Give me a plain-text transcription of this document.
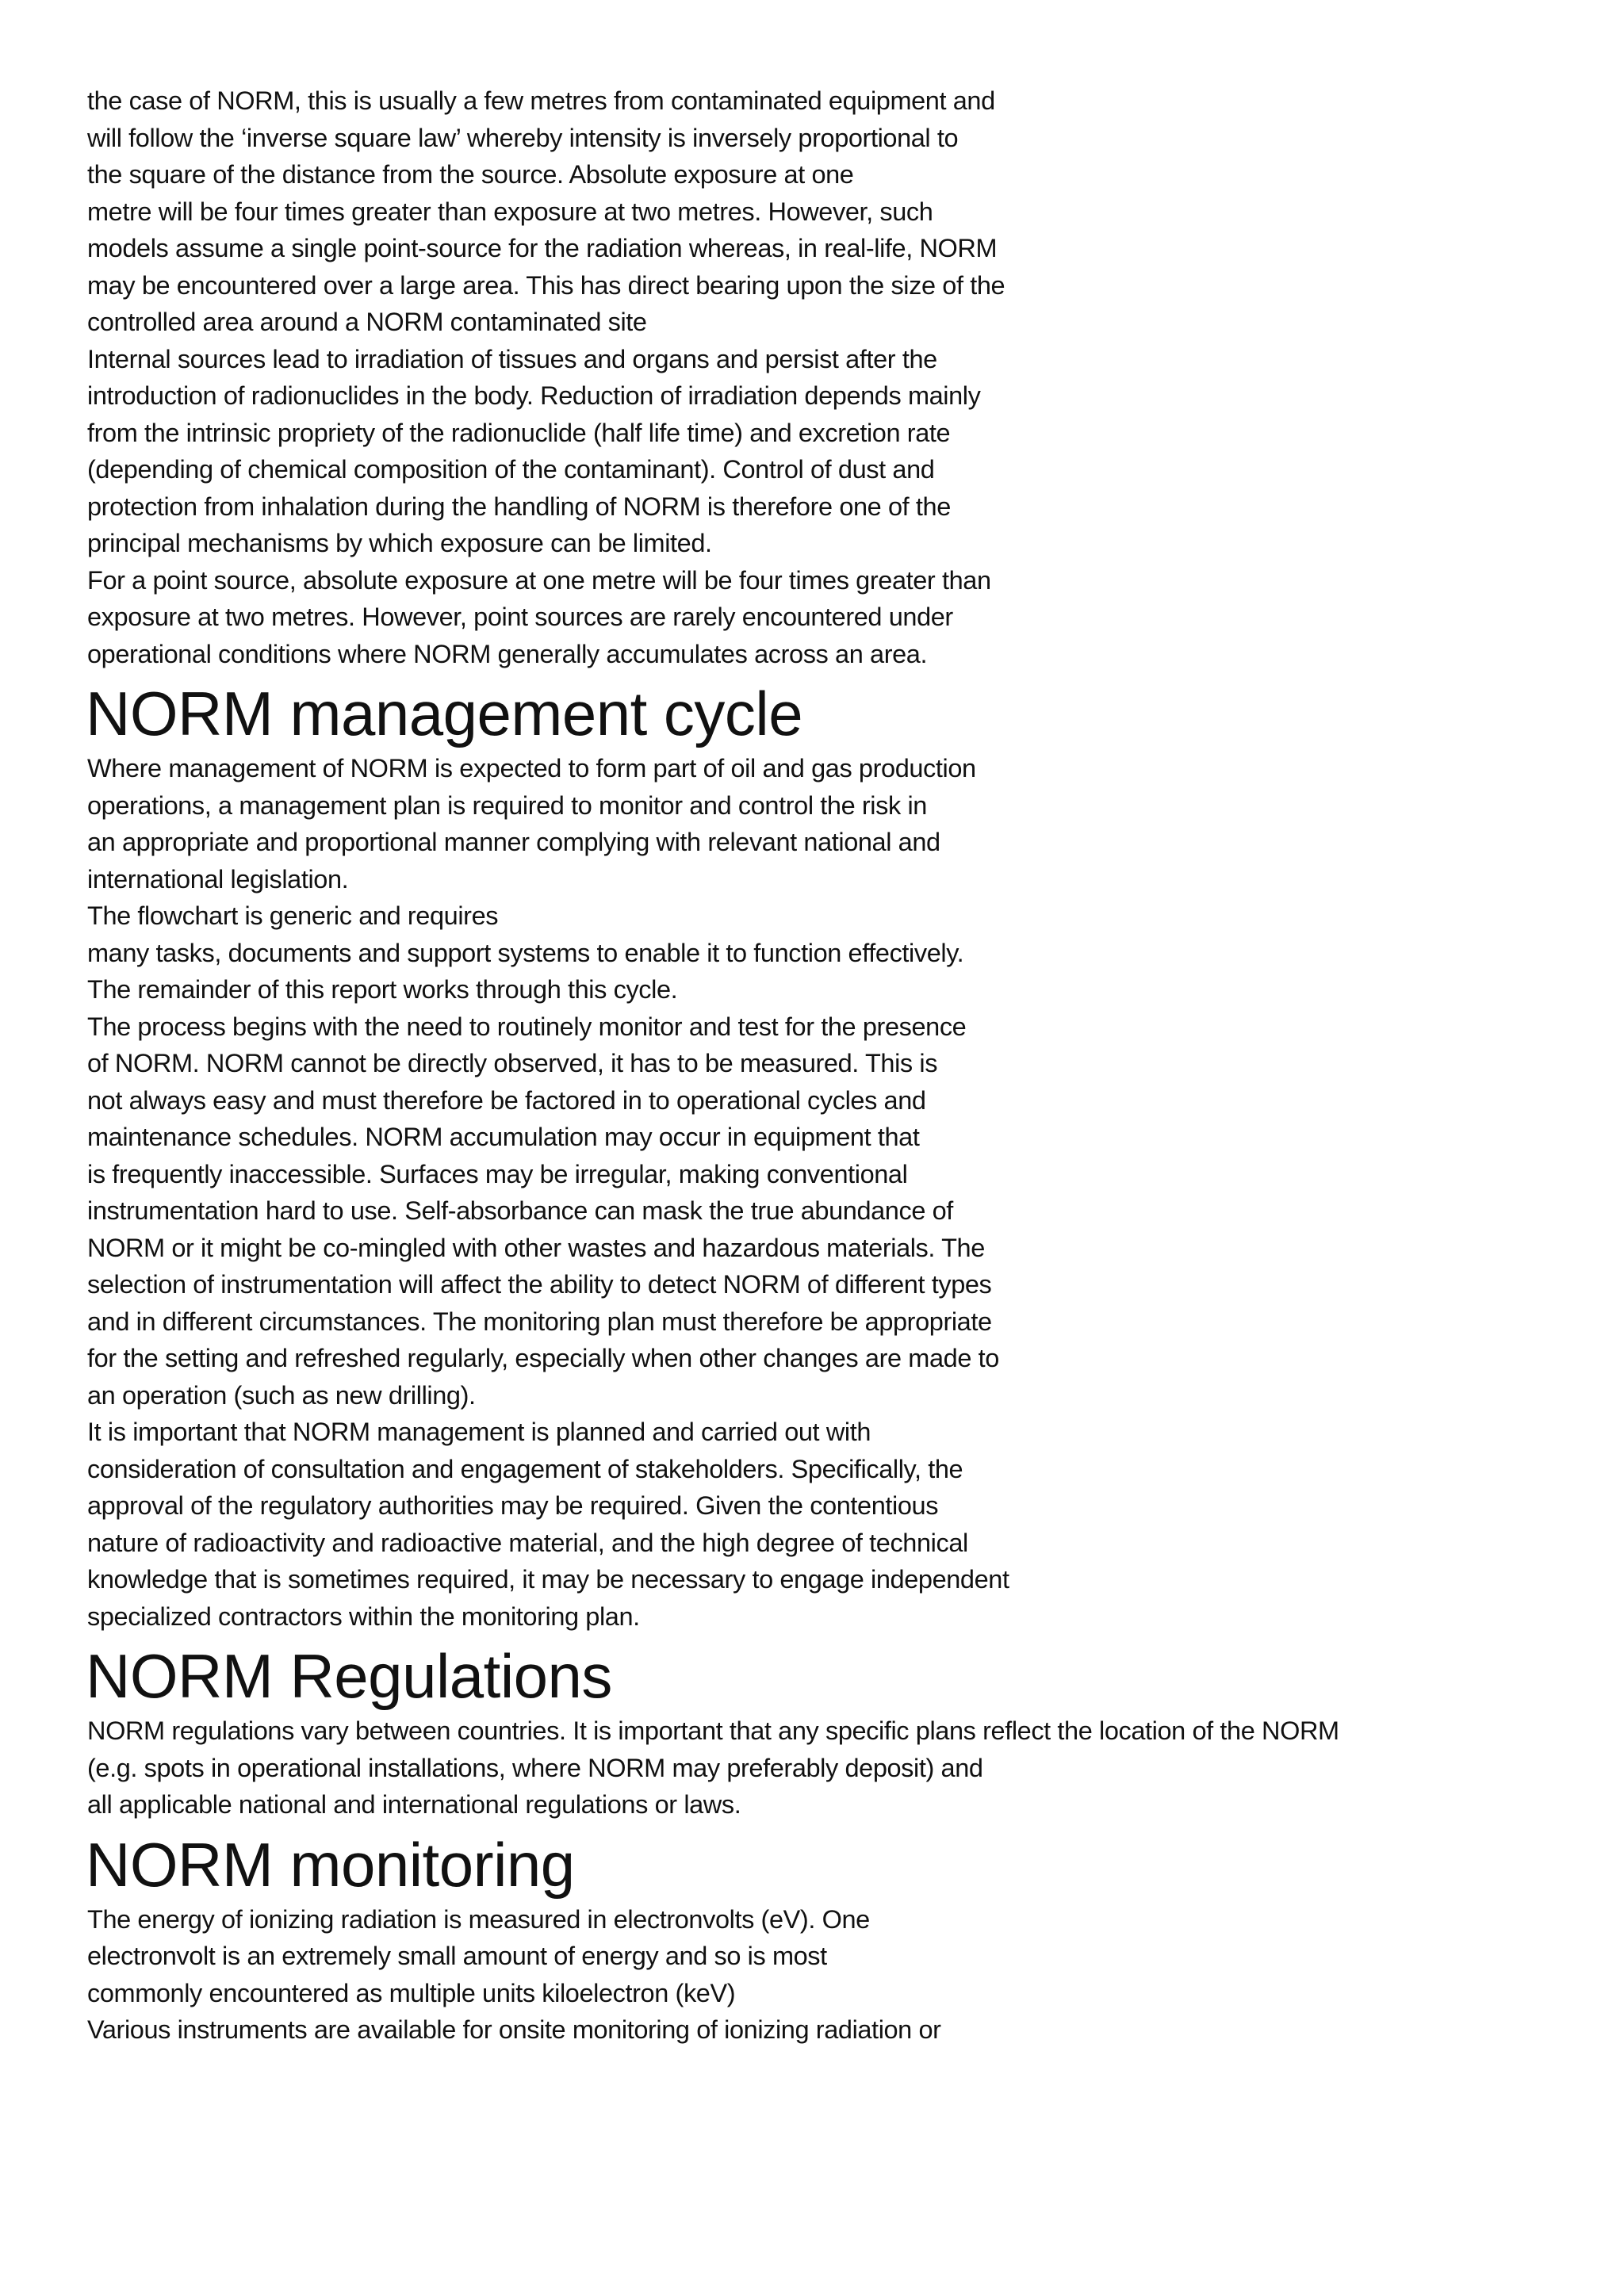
the case of NORM, this is usually a few metres from contaminated equipment and
will follow the ‘inverse square law’ whereby intensity is inversely proportional to
the square of the distance from the source. Absolute exposure at one
metre will be four times greater than exposure at two metres. However, such
models assume a single point-source for the radiation whereas, in real-life, NORM
may be encountered over a large area. This has direct bearing upon the size of the
controlled area around a NORM contaminated site
Internal sources lead to irradiation of tissues and organs and persist after the
introduction of radionuclides in the body. Reduction of irradiation depends mainly
from the intrinsic propriety of the radionuclide (half life time) and excretion rate
(depending of chemical composition of the contaminant). Control of dust and
protection from inhalation during the handling of NORM is therefore one of the
principal mechanisms by which exposure can be limited.
For a point source, absolute exposure at one metre will be four times greater than
exposure at two metres. However, point sources are rarely encountered under
operational conditions where NORM generally accumulates across an area.
NORM management cycle
Where management of NORM is expected to form part of oil and gas production
operations, a management plan is required to monitor and control the risk in
an appropriate and proportional manner complying with relevant national and
international legislation.
The flowchart is generic and requires
many tasks, documents and support systems to enable it to function effectively.
The remainder of this report works through this cycle.
The process begins with the need to routinely monitor and test for the presence
of NORM. NORM cannot be directly observed, it has to be measured. This is
not always easy and must therefore be factored in to operational cycles and
maintenance schedules. NORM accumulation may occur in equipment that
is frequently inaccessible. Surfaces may be irregular, making conventional
instrumentation hard to use. Self-absorbance can mask the true abundance of
NORM or it might be co-mingled with other wastes and hazardous materials. The
selection of instrumentation will affect the ability to detect NORM of different types
and in different circumstances. The monitoring plan must therefore be appropriate
for the setting and refreshed regularly, especially when other changes are made to
an operation (such as new drilling).
It is important that NORM management is planned and carried out with
consideration of consultation and engagement of stakeholders. Specifically, the
approval of the regulatory authorities may be required. Given the contentious
nature of radioactivity and radioactive material, and the high degree of technical
knowledge that is sometimes required, it may be necessary to engage independent
specialized contractors within the monitoring plan.
NORM Regulations
NORM regulations vary between countries. It is important that any specific plans reflect the location of the NORM
(e.g. spots in operational installations, where NORM may preferably deposit) and
all applicable national and international regulations or laws.
NORM monitoring
The energy of ionizing radiation is measured in electronvolts (eV). One
electronvolt is an extremely small amount of energy and so is most
commonly encountered as multiple units kiloelectron (keV)
Various instruments are available for onsite monitoring of ionizing radiation or
